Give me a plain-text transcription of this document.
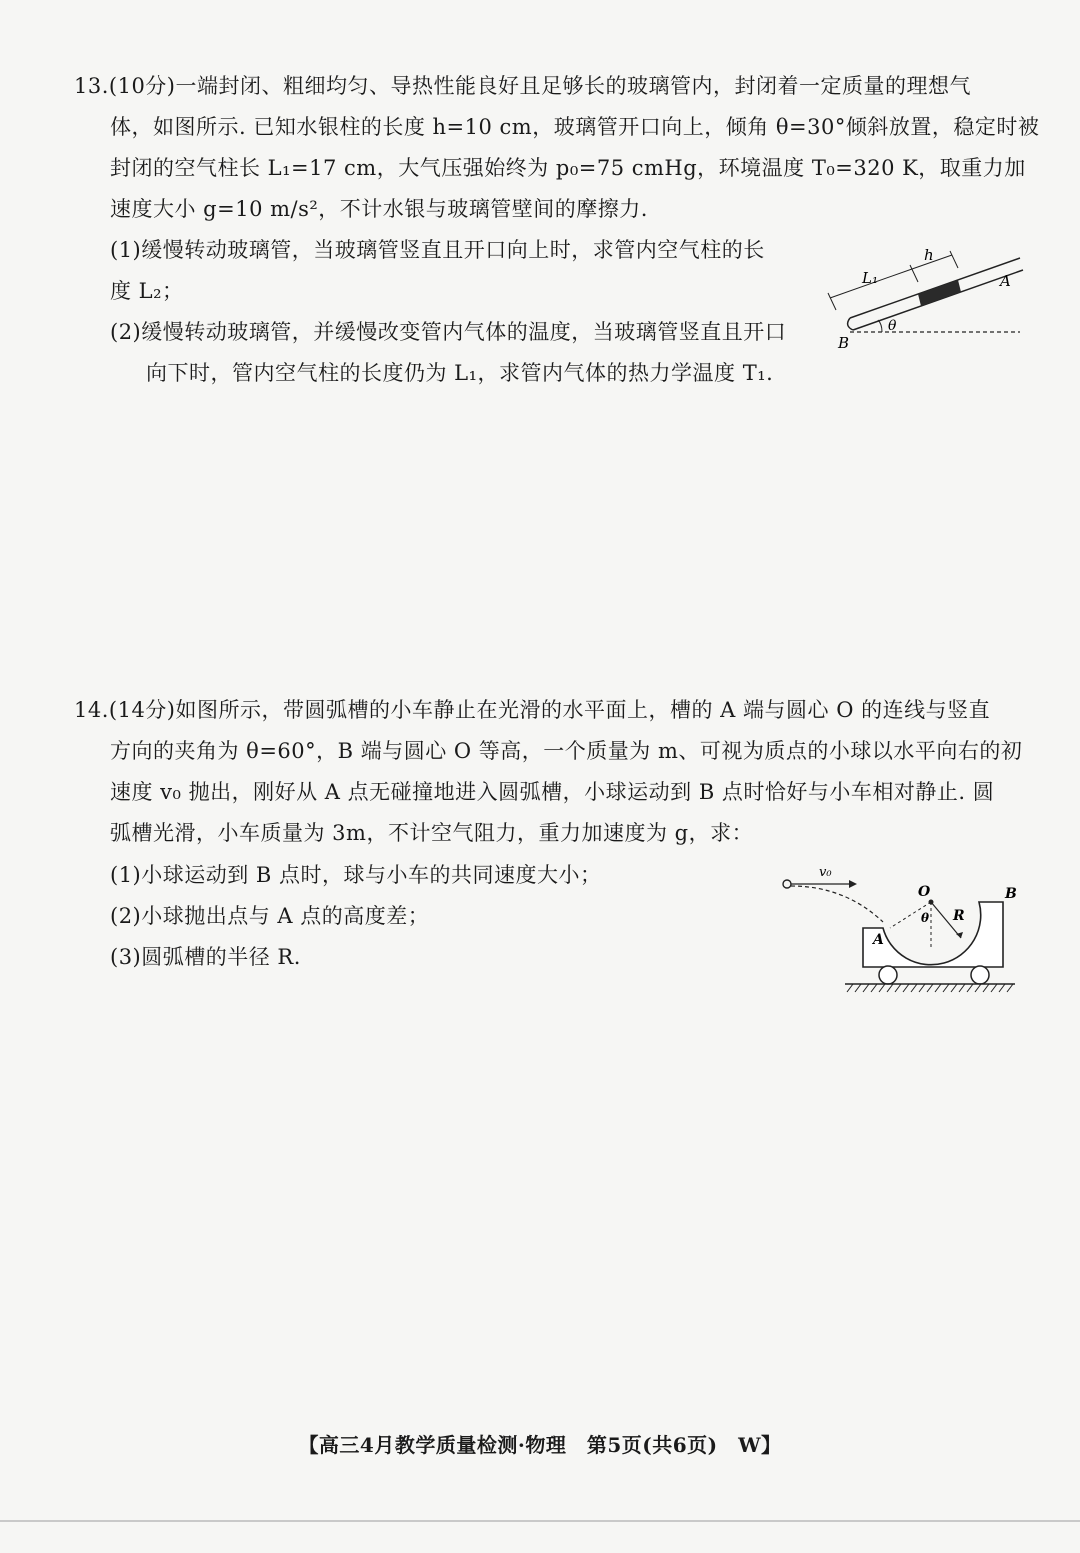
13.(10分)一端封闭、粗细均匀、导热性能良好且足够长的玻璃管内，封闭着一定质量的理想气
体，如图所示. 已知水银柱的长度 h=10 cm，玻璃管开口向上，倾角 θ=30°倾斜放置，稳定时被
封闭的空气柱长 L₁=17 cm，大气压强始终为 p₀=75 cmHg，环境温度 T₀=320 K，取重力加
速度大小 g=10 m/s²，不计水银与玻璃管壁间的摩擦力.
(1)缓慢转动玻璃管，当玻璃管竖直且开口向上时，求管内空气柱的长
度 L₂；
(2)缓慢转动玻璃管，并缓慢改变管内气体的温度，当玻璃管竖直且开口
向下时，管内空气柱的长度仍为 L₁，求管内气体的热力学温度 T₁.
L₁
h
A
B
θ
14.(14分)如图所示，带圆弧槽的小车静止在光滑的水平面上，槽的 A 端与圆心 O 的连线与竖直
方向的夹角为 θ=60°，B 端与圆心 O 等高，一个质量为 m、可视为质点的小球以水平向右的初
速度 v₀ 抛出，刚好从 A 点无碰撞地进入圆弧槽，小球运动到 B 点时恰好与小车相对静止. 圆
弧槽光滑，小车质量为 3m，不计空气阻力，重力加速度为 g，求：
(1)小球运动到 B 点时，球与小车的共同速度大小；
(2)小球抛出点与 A 点的高度差；
(3)圆弧槽的半径 R.
v₀
O	B
A
θ R
【高三4月教学质量检测·物理　第5页(共6页)　W】
